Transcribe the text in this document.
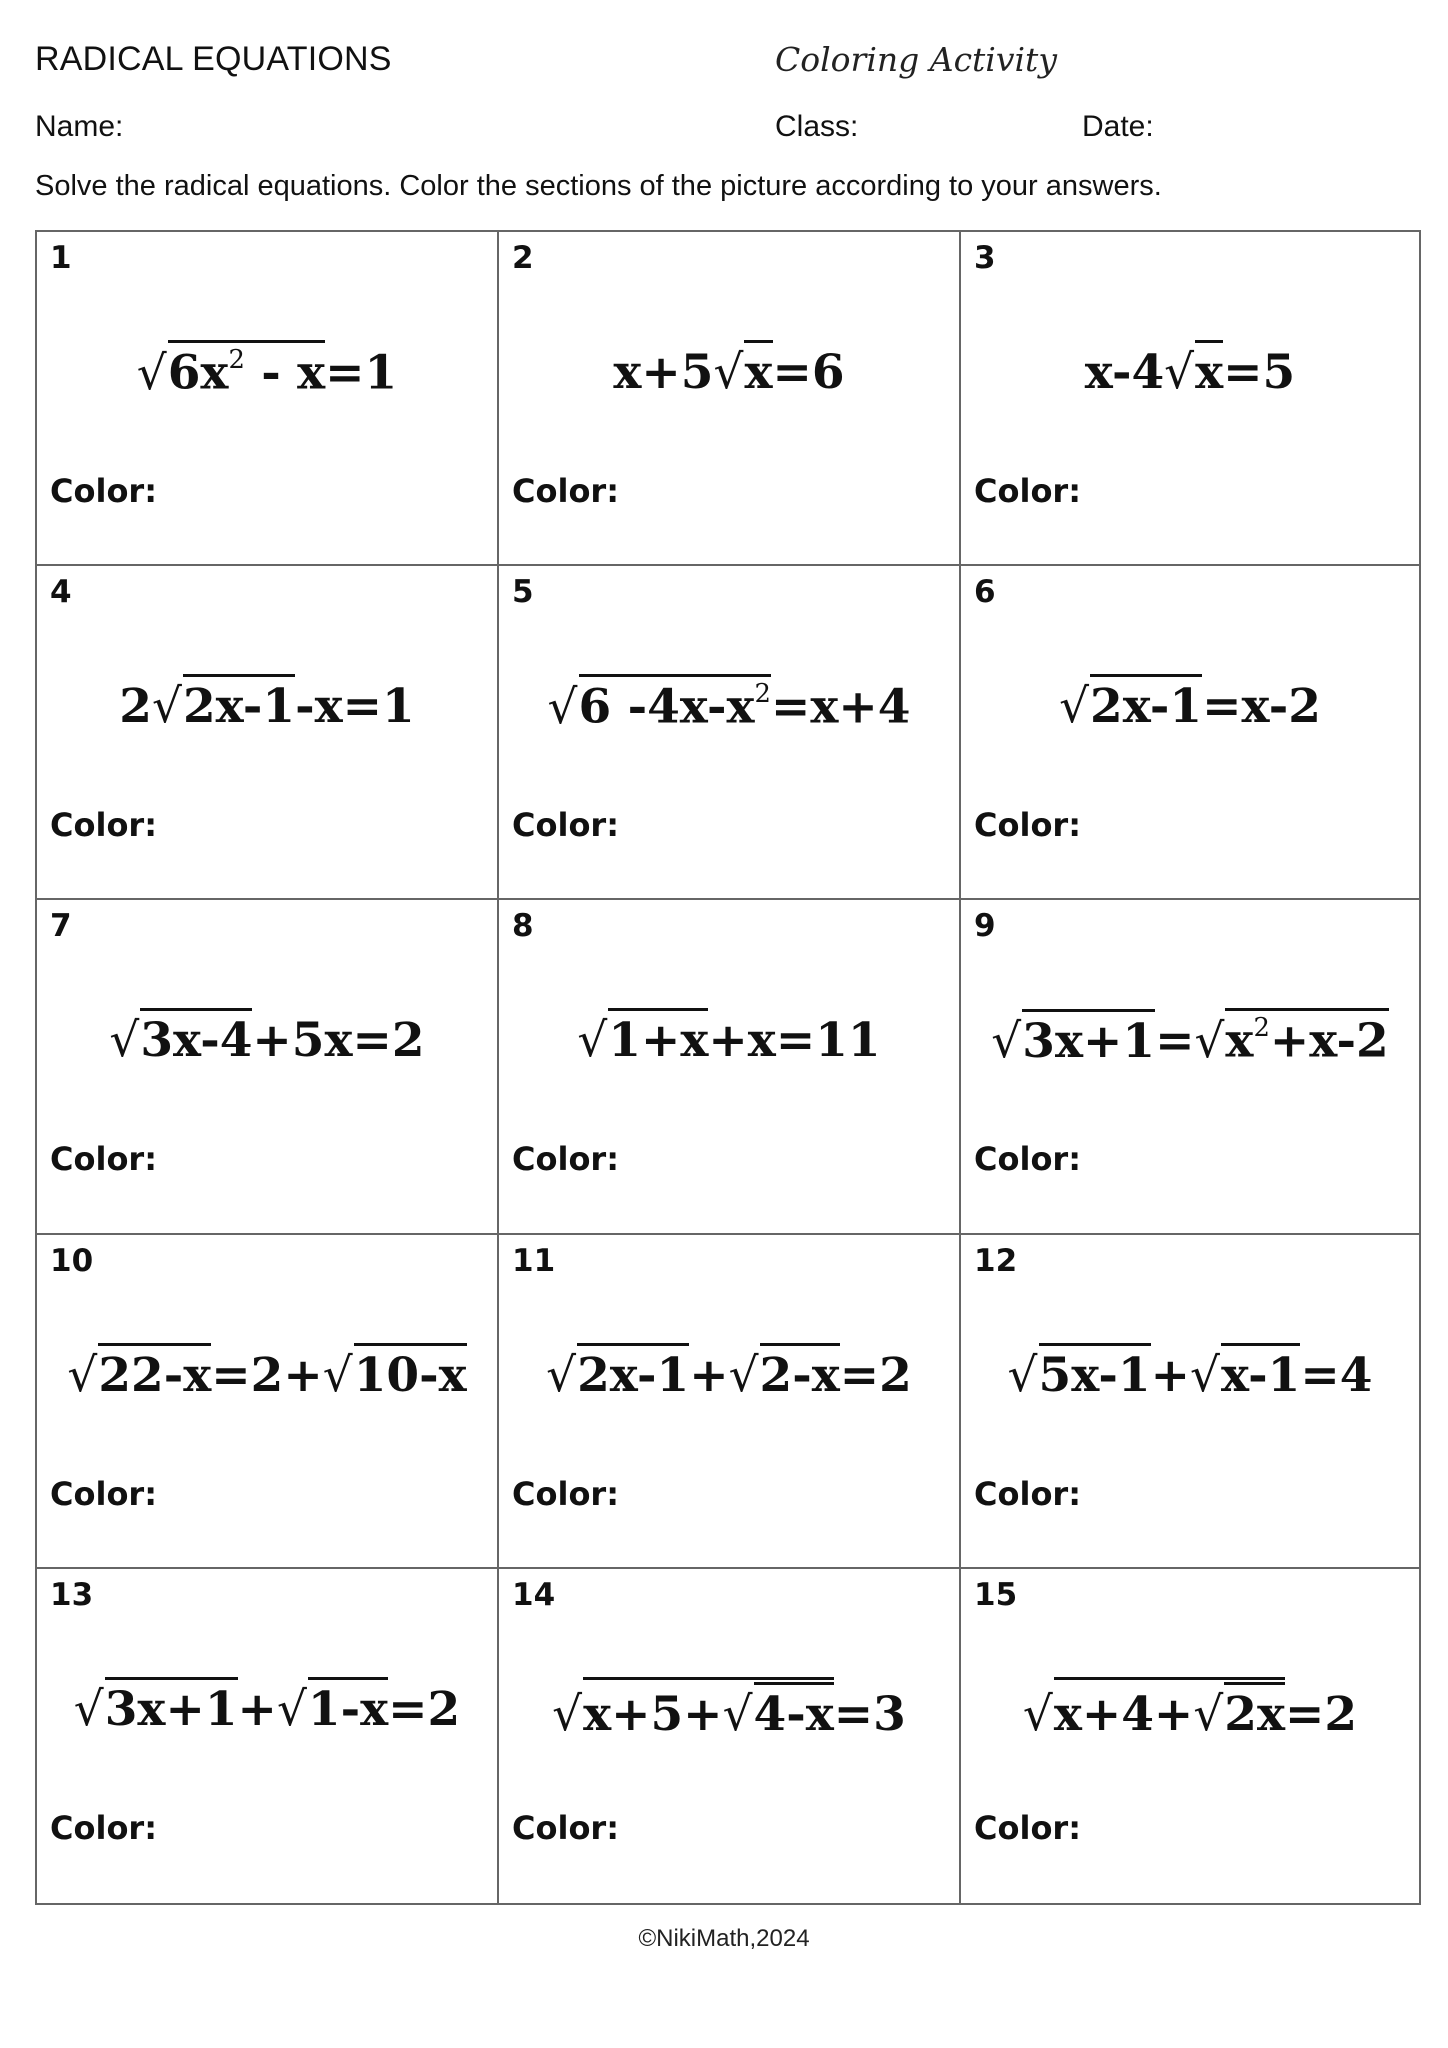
RADICAL EQUATIONS	Coloring Activity
Name:	Class:	Date:
Solve the radical equations. Color the sections of the picture according to your answers.
1
$√6x^2 - x=1$
Color:
2
x+5√x=6
Color:
3
x-4√x=5
Color:
4
2√2x-1-x=1
Color:
5
√6 $-4x-x^2=x+4$
Color:
6
√2x-1=x-2
Color:
7
√3x-4+5x=2
Color:
8
√1+x+x=11
Color:
9
$√3x+1=√x^2+x-2$
Color:
10
√22-x=2+√10-x
Color:
11
√2x-1+√2-x=2
Color:
12
√5x-1+√x-1=4
Color:
13
√3x+1+√1-x=2
Color:
14
√x+5+√4-x=3
Color:
15
√x+4+√2x=2
Color:
©NikiMath,2024
